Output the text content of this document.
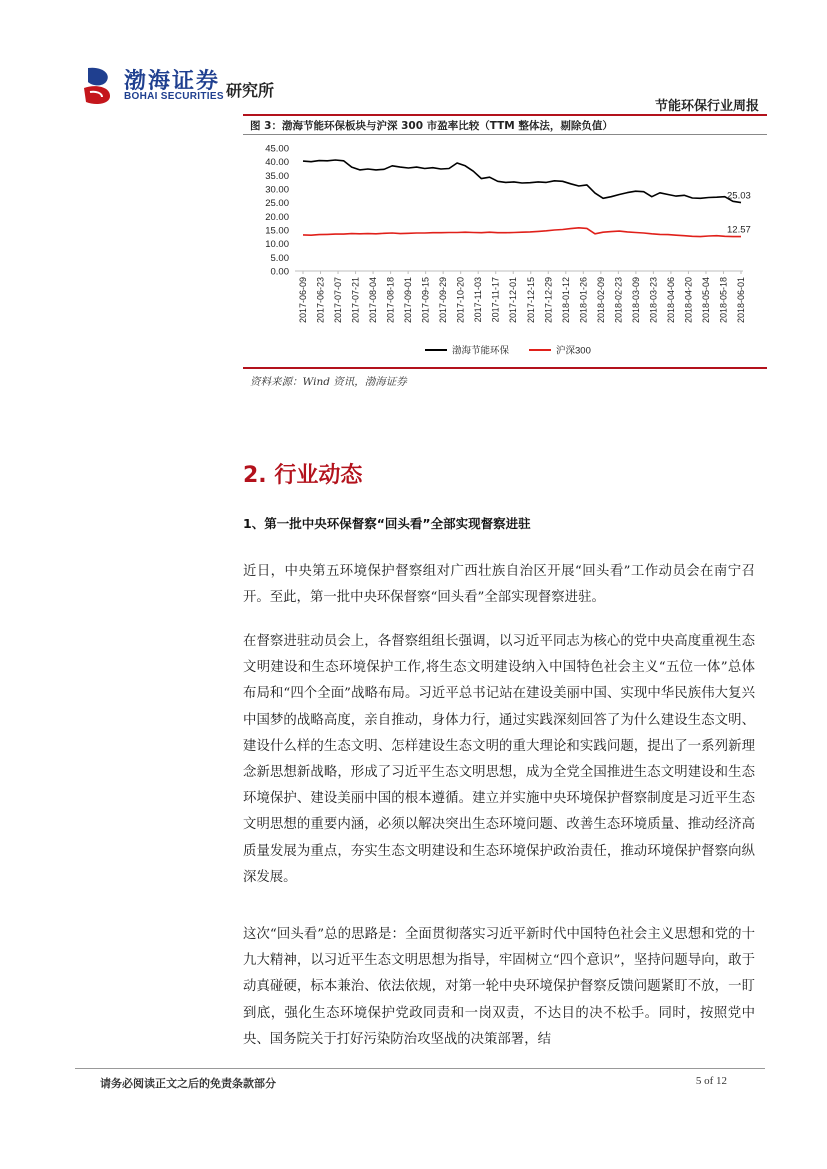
渤海证券
BOHAI SECURITIES 研究所
节能环保行业周报
图 3：渤海节能环保板块与沪深 300 市盈率比较（TTM 整体法，剔除负值）
0.00
5.00
10.00
15.00
20.00
25.00
30.00
35.00
40.00
45.00
2017-06-09 2017-06-23 2017-07-07 2017-07-21 2017-08-04 2017-08-18 2017-09-01 2017-09-15 2017-09-29 2017-10-20 2017-11-03 2017-11-17 2017-12-01 2017-12-15 2017-12-29 2018-01-12 2018-01-26 2018-02-09 2018-02-23 2018-03-09 2018-03-23 2018-04-06 2018-04-20 2018-05-04 2018-05-18 2018-06-01
25.03
12.57
渤海节能环保	沪深300
资料来源：Wind 资讯，渤海证券
2. 行业动态
1、第一批中央环保督察“回头看”全部实现督察进驻
近日，中央第五环境保护督察组对广西壮族自治区开展“回头看”工作动员会在南宁召开。至此，第一批中央环保督察“回头看”全部实现督察进驻。
在督察进驻动员会上，各督察组组长强调，以习近平同志为核心的党中央高度重视生态文明建设和生态环境保护工作,将生态文明建设纳入中国特色社会主义“五位一体”总体布局和“四个全面”战略布局。习近平总书记站在建设美丽中国、实现中华民族伟大复兴中国梦的战略高度，亲自推动，身体力行，通过实践深刻回答了为什么建设生态文明、建设什么样的生态文明、怎样建设生态文明的重大理论和实践问题，提出了一系列新理念新思想新战略，形成了习近平生态文明思想，成为全党全国推进生态文明建设和生态环境保护、建设美丽中国的根本遵循。建立并实施中央环境保护督察制度是习近平生态文明思想的重要内涵，必须以解决突出生态环境问题、改善生态环境质量、推动经济高质量发展为重点，夯实生态文明建设和生态环境保护政治责任，推动环境保护督察向纵深发展。
这次“回头看”总的思路是：全面贯彻落实习近平新时代中国特色社会主义思想和党的十九大精神，以习近平生态文明思想为指导，牢固树立“四个意识”，坚持问题导向，敢于动真碰硬，标本兼治、依法依规，对第一轮中央环境保护督察反馈问题紧盯不放，一盯到底，强化生态环境保护党政同责和一岗双责，不达目的决不松手。同时，按照党中央、国务院关于打好污染防治攻坚战的决策部署，结
请务必阅读正文之后的免责条款部分	5 of 12
